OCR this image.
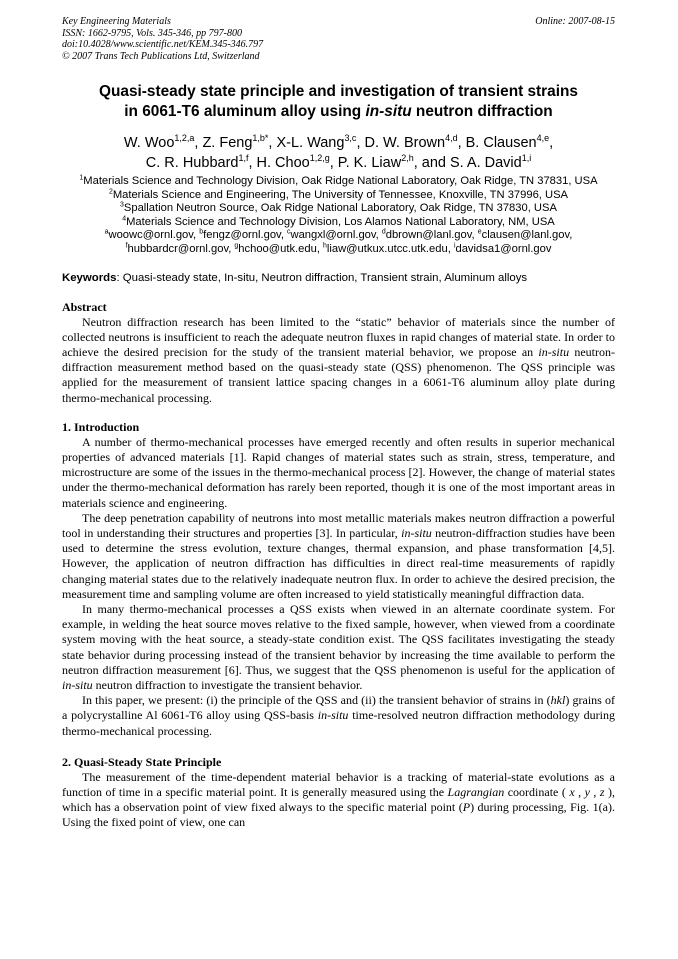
Key Engineering Materials
ISSN: 1662-9795, Vols. 345-346, pp 797-800
doi:10.4028/www.scientific.net/KEM.345-346.797
© 2007 Trans Tech Publications Ltd, Switzerland
Online: 2007-08-15
Quasi-steady state principle and investigation of transient strains
in 6061-T6 aluminum alloy using in-situ neutron diffraction
W. Woo$^{1,2,a}$, Z. Feng$^{1,b*}$, X-L. Wang$^{3,c}$, D. W. Brown$^{4,d}$, B. Clausen$^{4,e}$,
C. R. Hubbard$^{1,f}$, H. Choo$^{1,2,g}$, P. K. Liaw$^{2,h}$, and S. A. David$^{1,i}$
$^1$Materials Science and Technology Division, Oak Ridge National Laboratory, Oak Ridge, TN 37831, USA
$^2$Materials Science and Engineering, The University of Tennessee, Knoxville, TN 37996, USA
$^3$Spallation Neutron Source, Oak Ridge National Laboratory, Oak Ridge, TN 37830, USA
$^4$Materials Science and Technology Division, Los Alamos National Laboratory, NM, USA
$^a$woowc@ornl.gov, $^b$fengz@ornl.gov, $^c$wangxl@ornl.gov, $^d$dbrown@lanl.gov, $^e$clausen@lanl.gov,
$^f$hubbardcr@ornl.gov, $^g$hchoo@utk.edu, $^h$liaw@utkux.utcc.utk.edu, $^i$davidsa1@ornl.gov
Keywords: Quasi-steady state, In-situ, Neutron diffraction, Transient strain, Aluminum alloys
Abstract

Neutron diffraction research has been limited to the “static” behavior of materials since the number of collected neutrons is insufficient to reach the adequate neutron fluxes in rapid changes of material state. In order to achieve the desired precision for the study of the transient material behavior, we propose an in-situ neutron-diffraction measurement method based on the quasi-steady state (QSS) phenomenon. The QSS principle was applied for the measurement of transient lattice spacing changes in a 6061-T6 aluminum alloy plate during thermo-mechanical processing.

1. Introduction

A number of thermo-mechanical processes have emerged recently and often results in superior mechanical properties of advanced materials [1]. Rapid changes of material states such as strain, stress, temperature, and microstructure are some of the issues in the thermo-mechanical process [2]. However, the change of material states under the thermo-mechanical deformation has rarely been reported, though it is one of the most important areas in materials science and engineering.

The deep penetration capability of neutrons into most metallic materials makes neutron diffraction a powerful tool in understanding their structures and properties [3]. In particular, in-situ neutron-diffraction studies have been used to determine the stress evolution, texture changes, thermal expansion, and phase transformation [4,5]. However, the application of neutron diffraction has difficulties in direct real-time measurements of rapidly changing material states due to the relatively inadequate neutron flux. In order to achieve the desired precision, the measurement time and sampling volume are often increased to yield statistically meaningful diffraction data.

In many thermo-mechanical processes a QSS exists when viewed in an alternate coordinate system. For example, in welding the heat source moves relative to the fixed sample, however, when viewed from a coordinate system moving with the heat source, a steady-state condition exist. The QSS facilitates investigating the steady state behavior during processing instead of the transient behavior by increasing the time available to perform the neutron diffraction measurement [6]. Thus, we suggest that the QSS phenomenon is useful for the application of in-situ neutron diffraction to investigate the transient behavior.

In this paper, we present: (i) the principle of the QSS and (ii) the transient behavior of strains in (hkl) grains of a polycrystalline Al 6061-T6 alloy using QSS-basis in-situ time-resolved neutron diffraction methodology during thermo-mechanical processing.

2. Quasi-Steady State Principle

The measurement of the time-dependent material behavior is a tracking of material-state evolutions as a function of time in a specific material point. It is generally measured using the Lagrangian coordinate ( x , y , z ), which has a observation point of view fixed always to the specific material point (P) during processing, Fig. 1(a). Using the fixed point of view, one can
